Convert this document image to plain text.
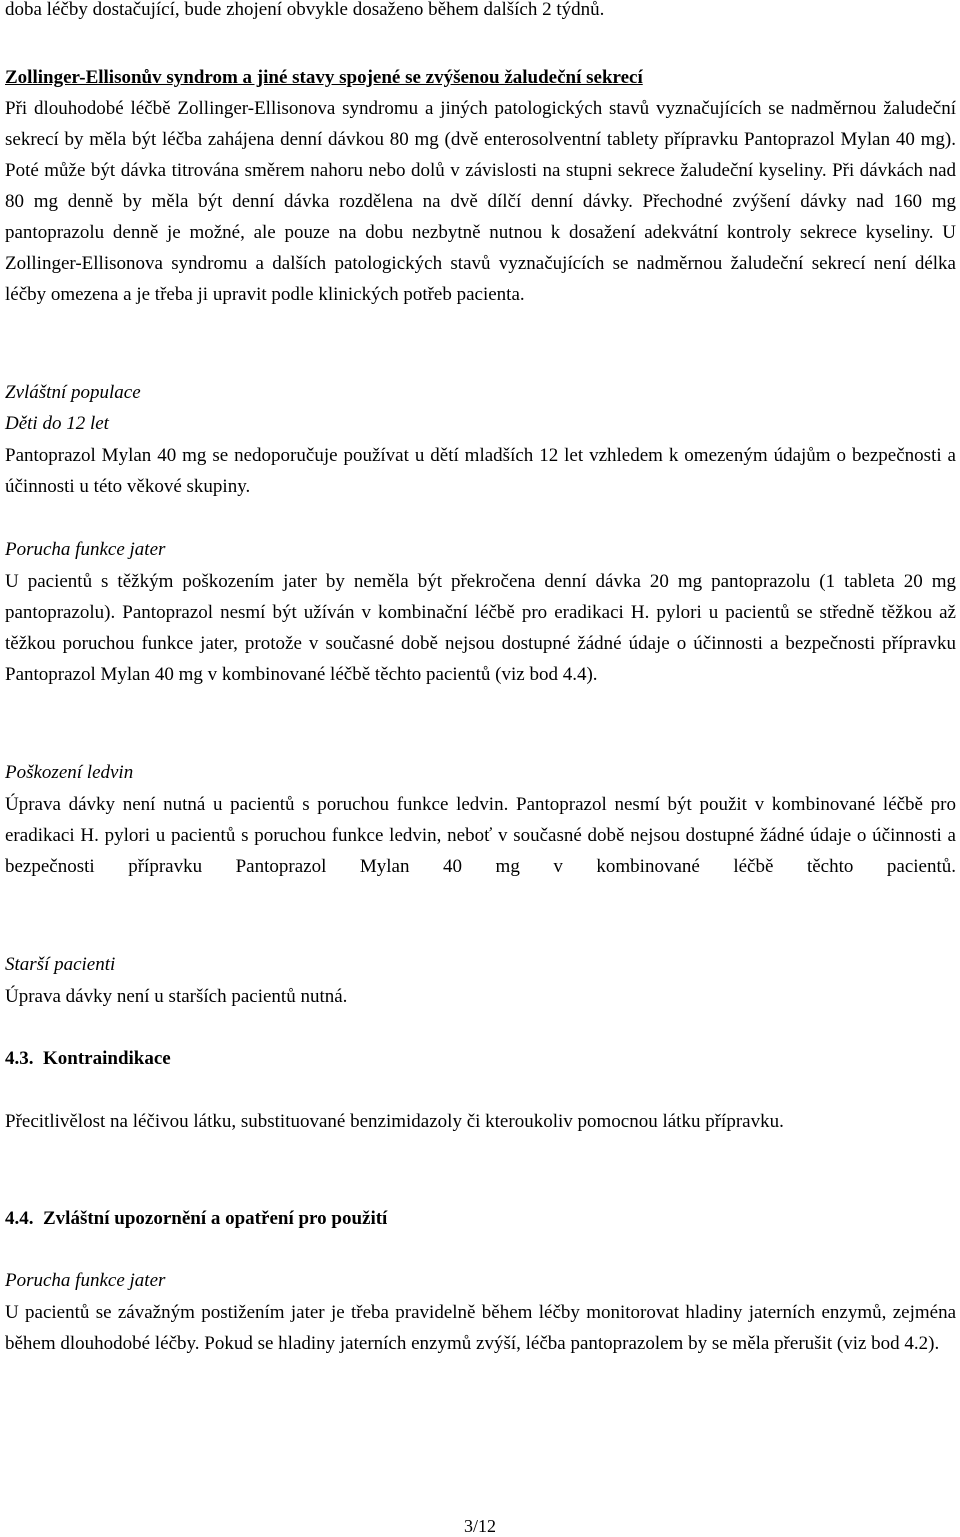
doba léčby dostačující, bude zhojení obvykle dosaženo během dalších 2 týdnů.

Zollinger-Ellisonův syndrom a jiné stavy spojené se zvýšenou žaludeční sekrecí

Při dlouhodobé léčbě Zollinger-Ellisonova syndromu a jiných patologických stavů vyznačujících se nadměrnou žaludeční sekrecí by měla být léčba zahájena denní dávkou 80 mg (dvě enterosolventní tablety přípravku Pantoprazol Mylan 40 mg). Poté může být dávka titrována směrem nahoru nebo dolů v závislosti na stupni sekrece žaludeční kyseliny. Při dávkách nad 80 mg denně by měla být denní dávka rozdělena na dvě dílčí denní dávky. Přechodné zvýšení dávky nad 160 mg pantoprazolu denně je možné, ale pouze na dobu nezbytně nutnou k dosažení adekvátní kontroly sekrece kyseliny. U Zollinger-Ellisonova syndromu a dalších patologických stavů vyznačujících se nadměrnou žaludeční sekrecí není délka léčby omezena a je třeba ji upravit podle klinických potřeb pacienta.

Zvláštní populace

Děti do 12 let

Pantoprazol Mylan 40 mg se nedoporučuje používat u dětí mladších 12 let vzhledem k omezeným údajům o bezpečnosti a účinnosti u této věkové skupiny.

Porucha funkce jater

U pacientů s těžkým poškozením jater by neměla být překročena denní dávka 20 mg pantoprazolu (1 tableta 20 mg pantoprazolu). Pantoprazol nesmí být užíván v kombinační léčbě pro eradikaci H. pylori u pacientů se středně těžkou až těžkou poruchou funkce jater, protože v současné době nejsou dostupné žádné údaje o účinnosti a bezpečnosti přípravku Pantoprazol Mylan 40 mg v kombinované léčbě těchto pacientů (viz bod 4.4).

Poškození ledvin

Úprava dávky není nutná u pacientů s poruchou funkce ledvin. Pantoprazol nesmí být použit v kombinované léčbě pro eradikaci H. pylori u pacientů s poruchou funkce ledvin, neboť v současné době nejsou dostupné žádné údaje o účinnosti a bezpečnosti přípravku Pantoprazol Mylan 40 mg v kombinované léčbě těchto pacientů.

Starší pacienti

Úprava dávky není u starších pacientů nutná.

4.3. Kontraindikace

Přecitlivělost na léčivou látku, substituované benzimidazoly či kteroukoliv pomocnou látku přípravku.

4.4. Zvláštní upozornění a opatření pro použití

Porucha funkce jater

U pacientů se závažným postižením jater je třeba pravidelně během léčby monitorovat hladiny jaterních enzymů, zejména během dlouhodobé léčby. Pokud se hladiny jaterních enzymů zvýší, léčba pantoprazolem by se měla přerušit (viz bod 4.2).

3/12
